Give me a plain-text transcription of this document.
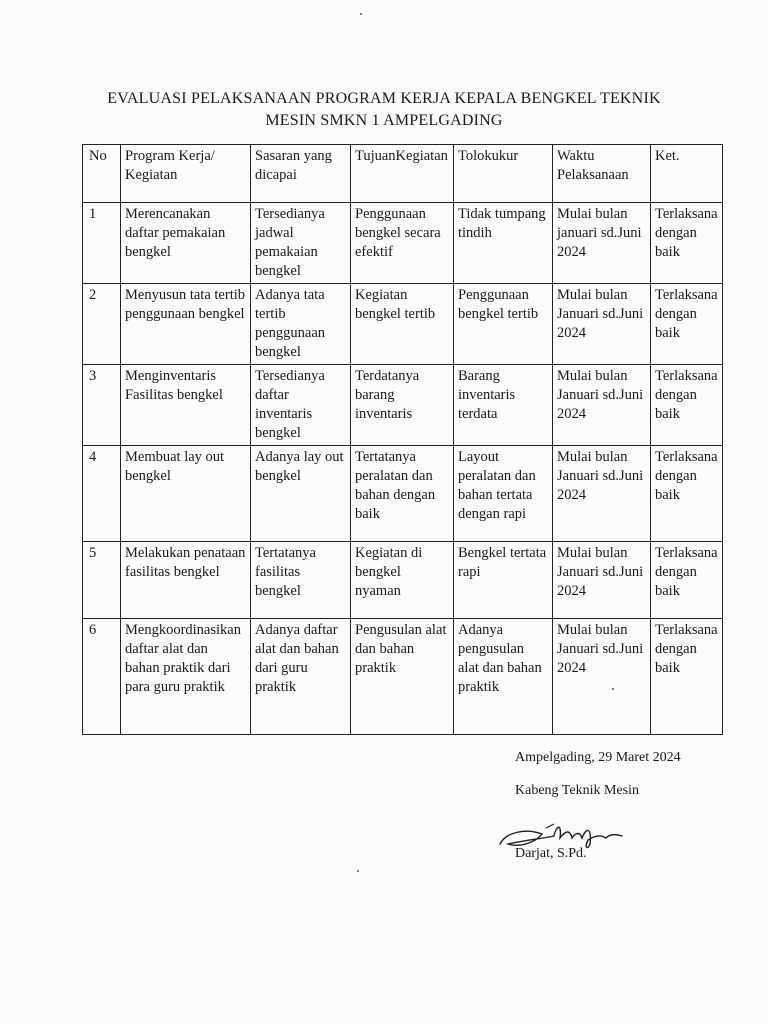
EVALUASI PELAKSANAAN PROGRAM KERJA KEPALA BENGKEL TEKNIK
MESIN SMKN 1 AMPELGADING
No	Program Kerja/ Kegiatan	Sasaran yang dicapai	TujuanKegiatan	Tolokukur	Waktu Pelaksanaan	Ket.
1	Merencanakan daftar pemakaian bengkel	Tersedianya jadwal pemakaian bengkel	Penggunaan bengkel secara efektif	Tidak tumpang tindih	Mulai bulan januari sd.Juni 2024	Terlaksana dengan baik
2	Menyusun tata tertib penggunaan bengkel	Adanya tata tertib penggunaan bengkel	Kegiatan bengkel tertib	Penggunaan bengkel tertib	Mulai bulan Januari sd.Juni 2024	Terlaksana dengan baik
3	Menginventaris Fasilitas bengkel	Tersedianya daftar inventaris bengkel	Terdatanya barang inventaris	Barang inventaris terdata	Mulai bulan Januari sd.Juni 2024	Terlaksana dengan baik
4	Membuat lay out bengkel	Adanya lay out bengkel	Tertatanya peralatan dan bahan dengan baik	Layout peralatan dan bahan tertata dengan rapi	Mulai bulan Januari sd.Juni 2024	Terlaksana dengan baik
5	Melakukan penataan fasilitas bengkel	Tertatanya fasilitas bengkel	Kegiatan di bengkel nyaman	Bengkel tertata rapi	Mulai bulan Januari sd.Juni 2024	Terlaksana dengan baik
6	Mengkoordinasikan daftar alat dan bahan praktik dari para guru praktik	Adanya daftar alat dan bahan dari guru praktik	Pengusulan alat dan bahan praktik	Adanya pengusulan alat dan bahan praktik	Mulai bulan Januari sd.Juni 2024	Terlaksana dengan baik
Ampelgading, 29 Maret 2024
Kabeng Teknik Mesin
Darjat, S.Pd.
